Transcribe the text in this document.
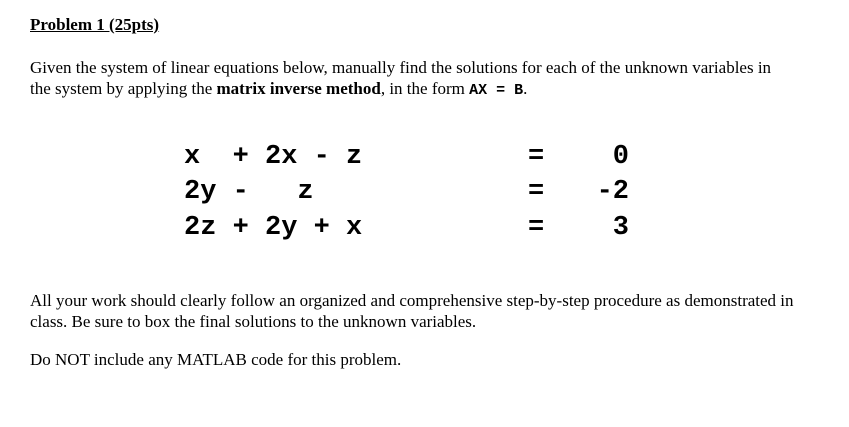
Problem 1 (25pts)
Given the system of linear equations below, manually find the solutions for each of the unknown variables in
the system by applying the matrix inverse method, in the form AX = B.
x  + 2x - z	=	0
2y -   z	= -2
2z + 2y + x	=	3
All your work should clearly follow an organized and comprehensive step-by-step procedure as demonstrated in
class. Be sure to box the final solutions to the unknown variables.
Do NOT include any MATLAB code for this problem.
